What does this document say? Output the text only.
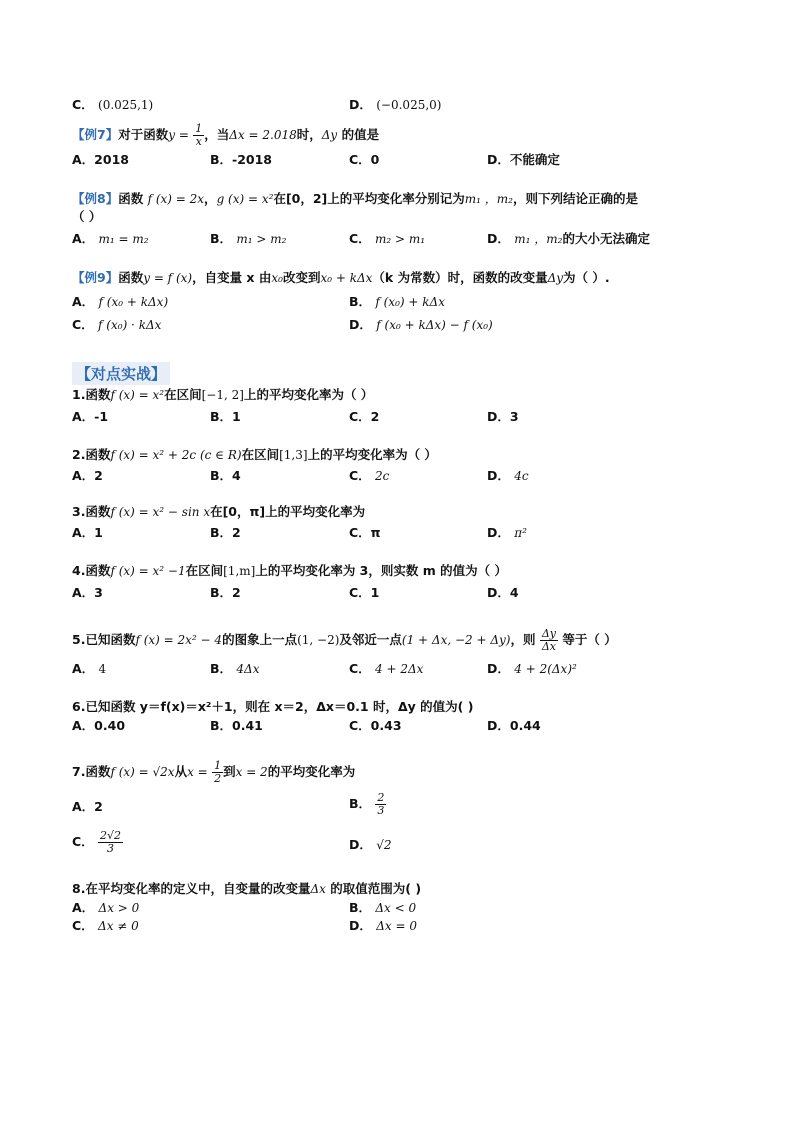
C． (0.025,1)	D． (−0.025,0)
【例7】对于函数$y = \frac{1}{x}$ ，当Δx = 2.018时，Δy 的值是
A．2018	B．-2018	C．0	D．不能确定
【例8】函数 f (x) = 2x，g (x) = x²在[0，2]上的平均变化率分别记为m₁ ，m₂，则下列结论正确的是
（ ）
A． m₁ = m₂	B． m₁ > m₂	C． m₂ > m₁	D． m₁ ，m₂的大小无法确定
【例9】函数y = f (x)，自变量 x 由x₀改变到x₀ + kΔx（k 为常数）时，函数的改变量Δy为（ ）.
A． f (x₀ + kΔx)	B． f (x₀) + kΔx
C． f (x₀) · kΔx	D． f (x₀ + kΔx) − f (x₀)
【对点实战】
1.函数f (x) = x²在区间[−1, 2]上的平均变化率为（ ）
A．-1	B．1	C．2	D．3
2.函数f (x) = x² + 2c (c ∈ R)在区间[1,3]上的平均变化率为（ ）
A．2	B．4	C． 2c	D． 4c
3.函数f (x) = x² − sin x在[0，π]上的平均变化率为
A．1	B．2	C．π	D． π²
4.函数f (x) = x² −1在区间[1,m]上的平均变化率为 3，则实数 m 的值为（ ）
A．3	B．2	C．1	D．4
5.已知函数f (x) = 2x² − 4的图象上一点(1, −2)及邻近一点(1 + Δx, −2 + Δy)，则 $\frac{\Delta y}{\Delta x}$ 等于（ ）
A． 4	B． 4Δx	C． 4 + 2Δx	D． 4 + 2(Δx)²
6.已知函数 y＝f(x)＝x²＋1，则在 x＝2，Δx＝0.1 时，Δy 的值为( )
A．0.40	B．0.41	C．0.43	D．0.44
7.函数f (x) = √2x从$x = \frac{1}{2}$ 到x = 2的平均变化率为
A．2	B． $\frac{2}{3}$
C． $\frac{2√2}{3}$	D． √2
8.在平均变化率的定义中，自变量的改变量Δx 的取值范围为( )
A． Δx > 0	B． Δx < 0
C． Δx ≠ 0	D． Δx = 0
